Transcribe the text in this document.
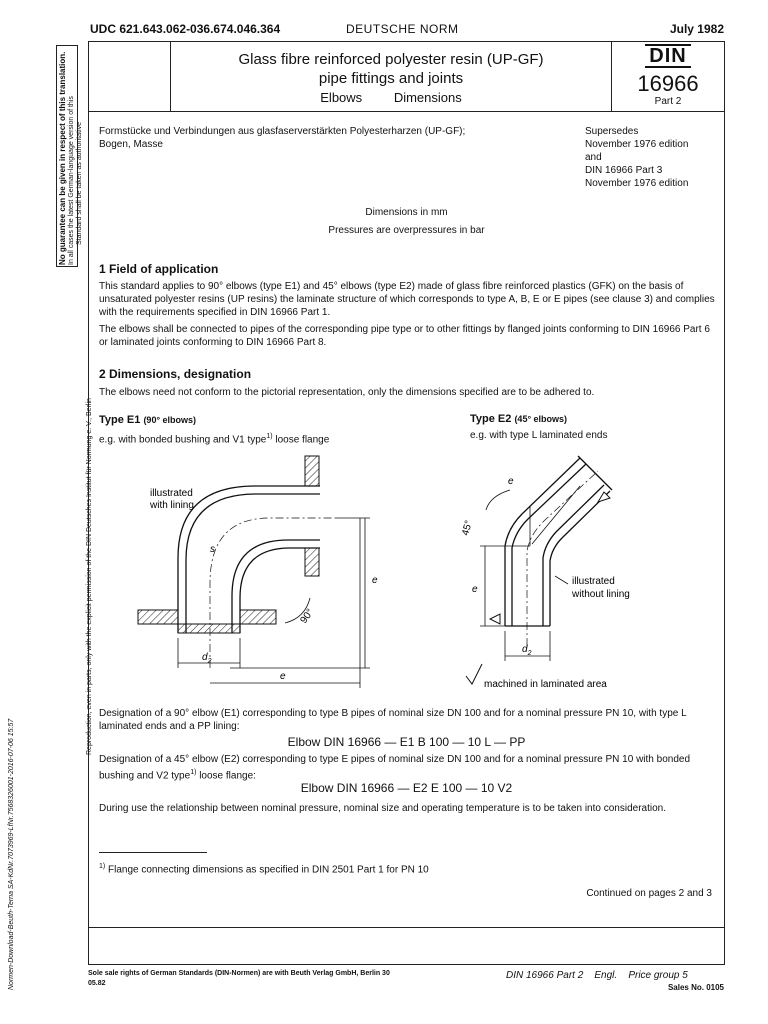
UDC 621.643.062-036.674.046.364	DEUTSCHE NORM	July 1982
Glass fibre reinforced polyester resin (UP-GF)
pipe fittings and joints
Elbows Dimensions
DIN
16966
Part 2
No guarantee can be given in respect of this translation. In all cases the latest German-language version of this Standard shall be taken as authoritative
Reproduction, even in parts, only with the explicit permission of the DIN Deutsches Institut für Normung e. V., Berlin
Normen-Download-Beuth-Terna SA-KdNr.7073969-LfNr.7568326001-2016-07-06 15:57
Formstücke und Verbindungen aus glasfaserverstärkten Polyesterharzen (UP-GF);
Bogen, Masse
Supersedes
November 1976 edition
and
DIN 16966 Part 3
November 1976 edition
Dimensions in mm
Pressures are overpressures in bar
1 Field of application
This standard applies to 90° elbows (type E1) and 45° elbows (type E2) made of glass fibre reinforced plastics (GFK) on the basis of unsaturated polyester resins (UP resins) the laminate structure of which corresponds to type A, B, E or E pipes (see clause 3) and complies with the requirements specified in DIN 16966 Part 1.
The elbows shall be connected to pipes of the corresponding pipe type or to other fittings by flanged joints conforming to DIN 16966 Part 6 or laminated joints conforming to DIN 16966 Part 8.
2 Dimensions, designation
The elbows need not conform to the pictorial representation, only the dimensions specified are to be adhered to.
Type E1 (90° elbows)
e.g. with bonded bushing and V1 type$^{1)}$ loose flange
Type E2 (45° elbows)
e.g. with type L laminated ends
illustrated
with lining
s
e
e
$d_2$
90°
e
e
45°
illustrated
without lining
$d_2$
machined in laminated area
Designation of a 90° elbow (E1) corresponding to type B pipes of nominal size DN 100 and for a nominal pressure PN 10, with type L laminated ends and a PP lining:
Elbow DIN 16966 — E1 B 100 — 10 L — PP
Designation of a 45° elbow (E2) corresponding to type E pipes of nominal size DN 100 and for a nominal pressure PN 10 with bonded bushing and V2 type$^{1)}$ loose flange:
Elbow DIN 16966 — E2 E 100 — 10 V2
During use the relationship between nominal pressure, nominal size and operating temperature is to be taken into consideration.
$^{1)}$ Flange connecting dimensions as specified in DIN 2501 Part 1 for PN 10
Continued on pages 2 and 3
Sole sale rights of German Standards (DIN-Normen) are with Beuth Verlag GmbH, Berlin 30
05.82
DIN 16966 Part 2 Engl. Price group 5
Sales No. 0105
